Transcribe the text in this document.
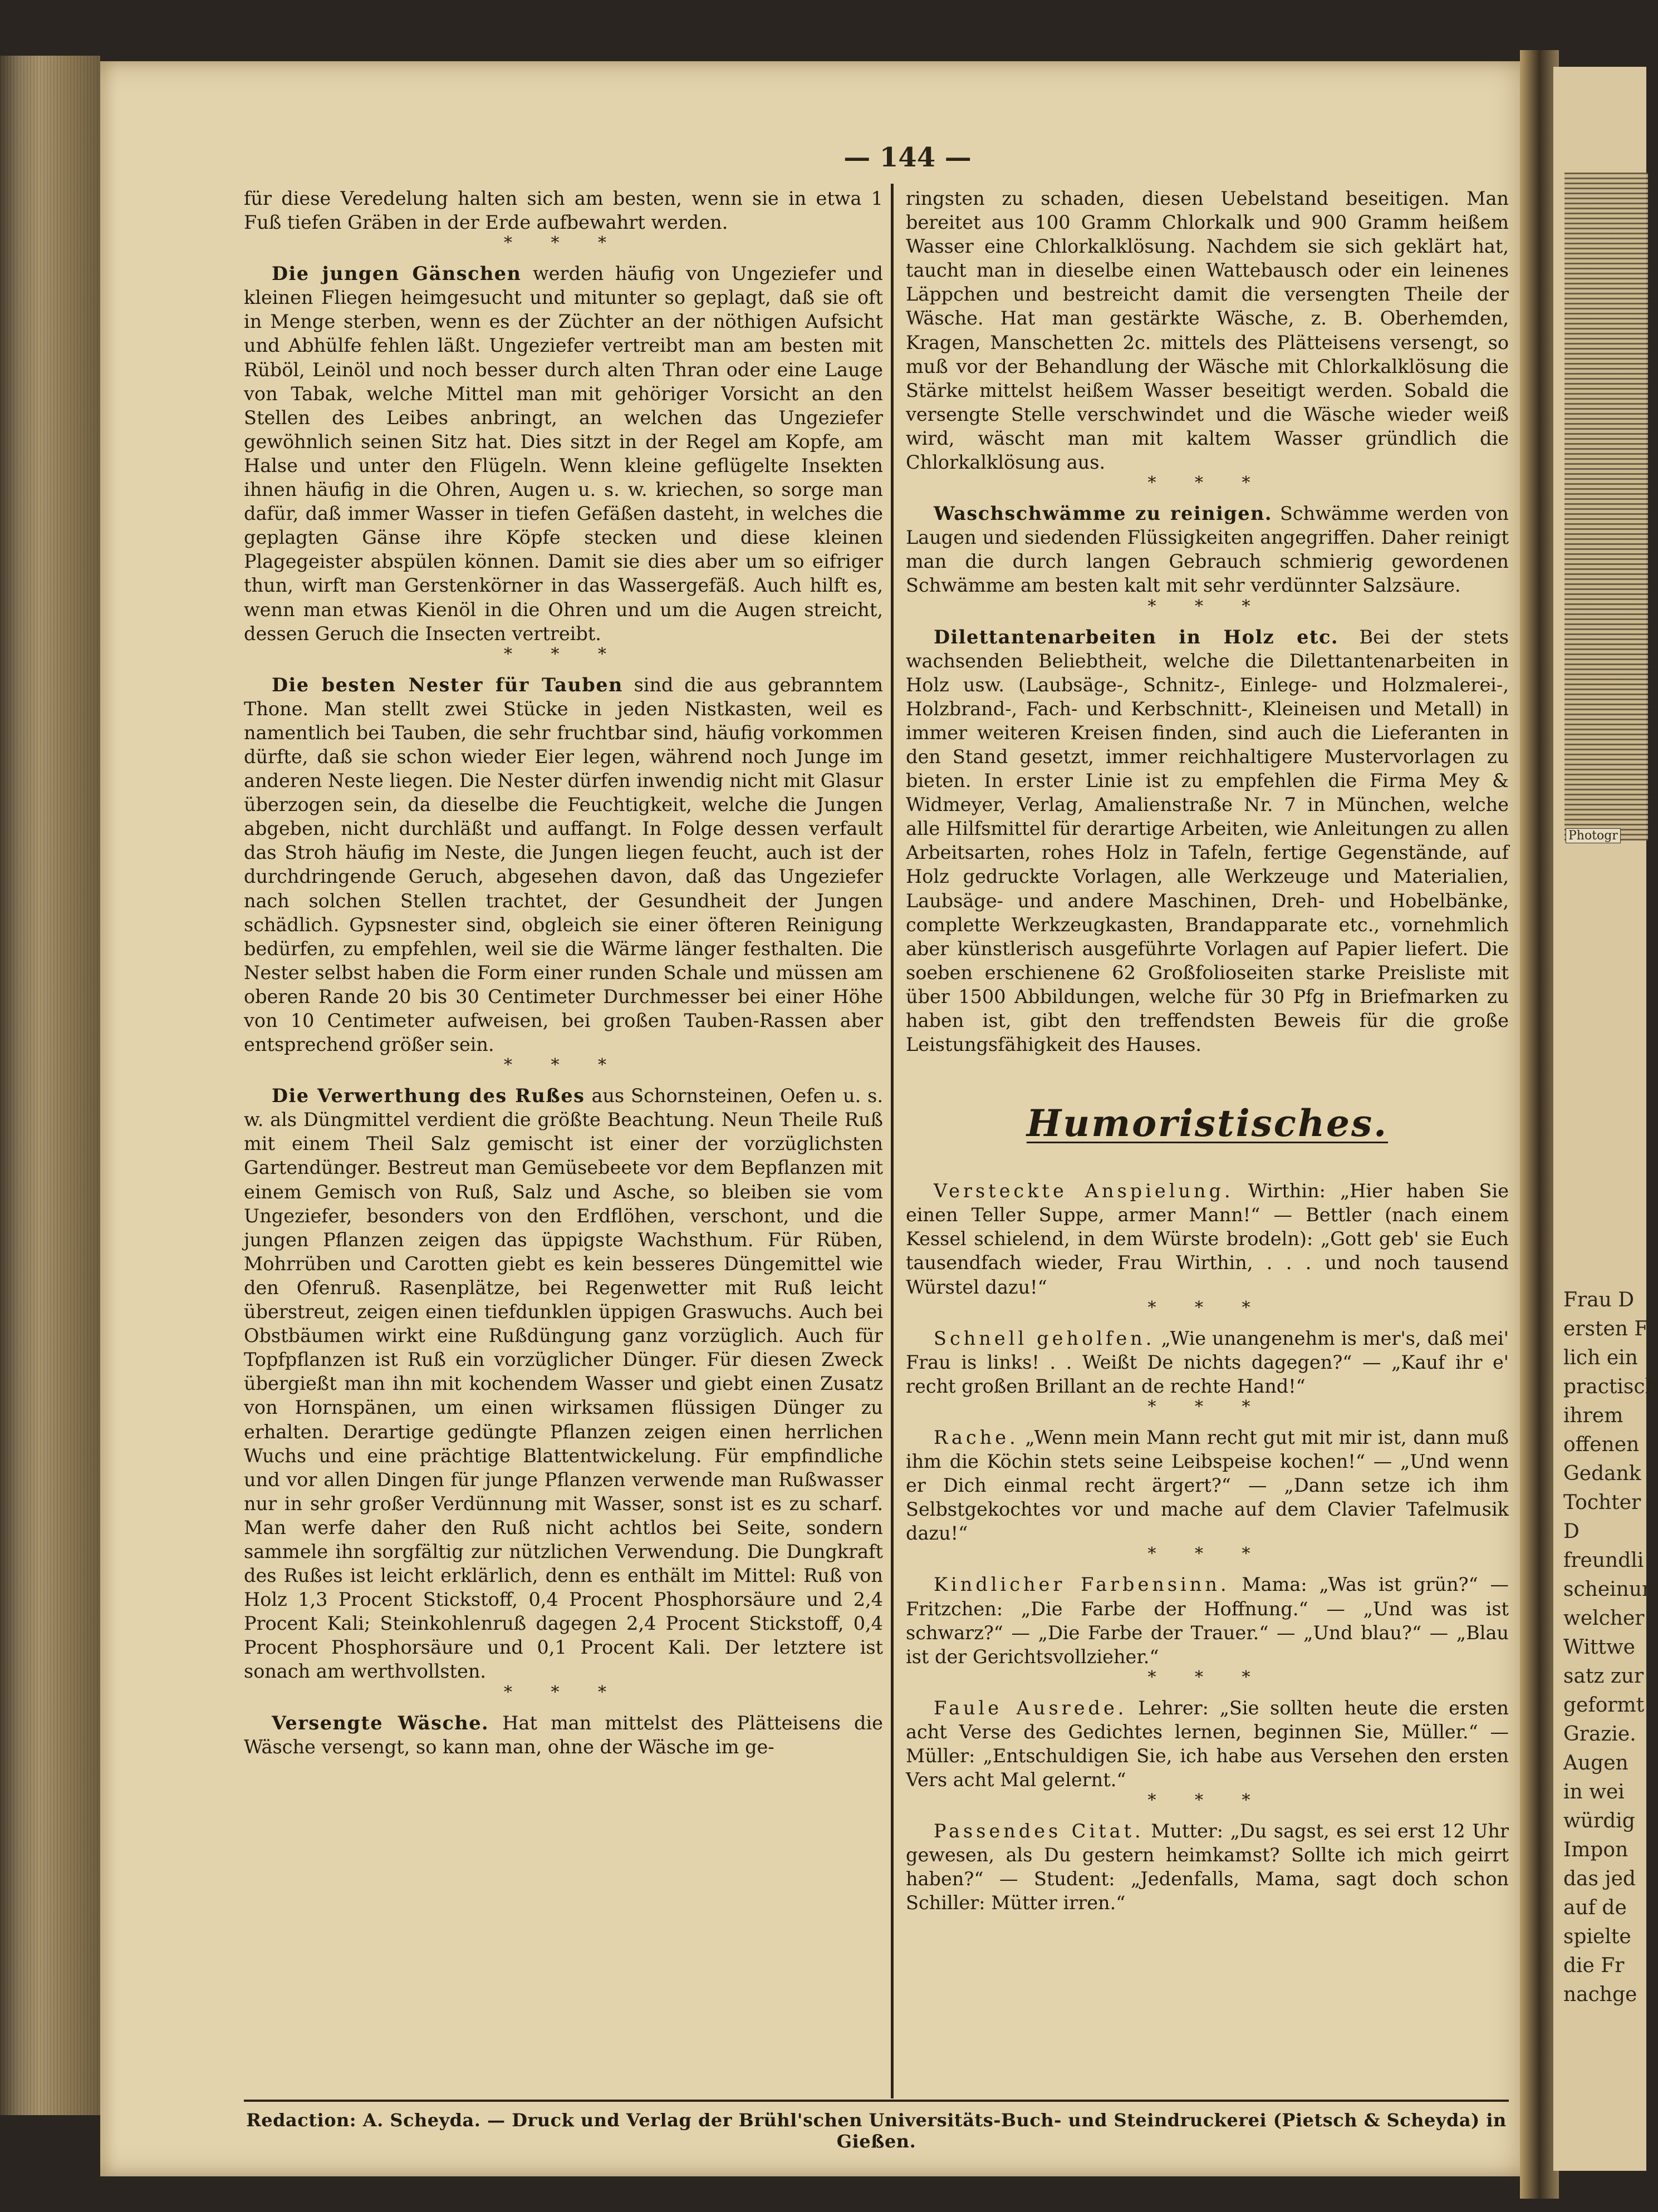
Photogr
Frau D
ersten F
lich ein
practisch
ihrem
offenen
Gedank
Tochter
D
freundli
scheinun
welcher
Wittwe
satz zur
geformt
Grazie.
Augen
in wei
würdig
Impon
das jed
auf de
spielte
die Fr
nachge
— 144 —

für diese Veredelung halten sich am besten, wenn sie in etwa 1 Fuß tiefen Gräben in der Erde aufbewahrt werden.

* * *

Die jungen Gänschen werden häufig von Ungeziefer und kleinen Fliegen heimgesucht und mitunter so geplagt, daß sie oft in Menge sterben, wenn es der Züchter an der nöthigen Aufsicht und Abhülfe fehlen läßt. Ungeziefer vertreibt man am besten mit Rüböl, Leinöl und noch besser durch alten Thran oder eine Lauge von Tabak, welche Mittel man mit gehöriger Vorsicht an den Stellen des Leibes anbringt, an welchen das Ungeziefer gewöhnlich seinen Sitz hat. Dies sitzt in der Regel am Kopfe, am Halse und unter den Flügeln. Wenn kleine geflügelte Insekten ihnen häufig in die Ohren, Augen u. s. w. kriechen, so sorge man dafür, daß immer Wasser in tiefen Gefäßen dasteht, in welches die geplagten Gänse ihre Köpfe stecken und diese kleinen Plagegeister abspülen können. Damit sie dies aber um so eifriger thun, wirft man Gerstenkörner in das Wassergefäß. Auch hilft es, wenn man etwas Kienöl in die Ohren und um die Augen streicht, dessen Geruch die Insecten vertreibt.

* * *

Die besten Nester für Tauben sind die aus gebranntem Thone. Man stellt zwei Stücke in jeden Nistkasten, weil es namentlich bei Tauben, die sehr fruchtbar sind, häufig vorkommen dürfte, daß sie schon wieder Eier legen, während noch Junge im anderen Neste liegen. Die Nester dürfen inwendig nicht mit Glasur überzogen sein, da dieselbe die Feuchtigkeit, welche die Jungen abgeben, nicht durchläßt und auffangt. In Folge dessen verfault das Stroh häufig im Neste, die Jungen liegen feucht, auch ist der durchdringende Geruch, abgesehen davon, daß das Ungeziefer nach solchen Stellen trachtet, der Gesundheit der Jungen schädlich. Gypsnester sind, obgleich sie einer öfteren Reinigung bedürfen, zu empfehlen, weil sie die Wärme länger festhalten. Die Nester selbst haben die Form einer runden Schale und müssen am oberen Rande 20 bis 30 Centimeter Durchmesser bei einer Höhe von 10 Centimeter aufweisen, bei großen Tauben-Rassen aber entsprechend größer sein.

* * *

Die Verwerthung des Rußes aus Schornsteinen, Oefen u. s. w. als Düngmittel verdient die größte Beachtung. Neun Theile Ruß mit einem Theil Salz gemischt ist einer der vorzüglichsten Gartendünger. Bestreut man Gemüsebeete vor dem Bepflanzen mit einem Gemisch von Ruß, Salz und Asche, so bleiben sie vom Ungeziefer, besonders von den Erdflöhen, verschont, und die jungen Pflanzen zeigen das üppigste Wachsthum. Für Rüben, Mohrrüben und Carotten giebt es kein besseres Düngemittel wie den Ofenruß. Rasenplätze, bei Regenwetter mit Ruß leicht überstreut, zeigen einen tiefdunklen üppigen Graswuchs. Auch bei Obstbäumen wirkt eine Rußdüngung ganz vorzüglich. Auch für Topfpflanzen ist Ruß ein vorzüglicher Dünger. Für diesen Zweck übergießt man ihn mit kochendem Wasser und giebt einen Zusatz von Hornspänen, um einen wirksamen flüssigen Dünger zu erhalten. Derartige gedüngte Pflanzen zeigen einen herrlichen Wuchs und eine prächtige Blattentwickelung. Für empfindliche und vor allen Dingen für junge Pflanzen verwende man Rußwasser nur in sehr großer Verdünnung mit Wasser, sonst ist es zu scharf. Man werfe daher den Ruß nicht achtlos bei Seite, sondern sammele ihn sorgfältig zur nützlichen Verwendung. Die Dungkraft des Rußes ist leicht erklärlich, denn es enthält im Mittel: Ruß von Holz 1,3 Procent Stickstoff, 0,4 Procent Phosphorsäure und 2,4 Procent Kali; Steinkohlenruß dagegen 2,4 Procent Stickstoff, 0,4 Procent Phosphorsäure und 0,1 Procent Kali. Der letztere ist sonach am werthvollsten.

* * *

Versengte Wäsche. Hat man mittelst des Plätteisens die Wäsche versengt, so kann man, ohne der Wäsche im ge-

ringsten zu schaden, diesen Uebelstand beseitigen. Man bereitet aus 100 Gramm Chlorkalk und 900 Gramm heißem Wasser eine Chlorkalklösung. Nachdem sie sich geklärt hat, taucht man in dieselbe einen Wattebausch oder ein leinenes Läppchen und bestreicht damit die versengten Theile der Wäsche. Hat man gestärkte Wäsche, z. B. Oberhemden, Kragen, Manschetten 2c. mittels des Plätteisens versengt, so muß vor der Behandlung der Wäsche mit Chlorkalklösung die Stärke mittelst heißem Wasser beseitigt werden. Sobald die versengte Stelle verschwindet und die Wäsche wieder weiß wird, wäscht man mit kaltem Wasser gründlich die Chlorkalklösung aus.

* * *

Waschschwämme zu reinigen. Schwämme werden von Laugen und siedenden Flüssigkeiten angegriffen. Daher reinigt man die durch langen Gebrauch schmierig gewordenen Schwämme am besten kalt mit sehr verdünnter Salzsäure.

* * *

Dilettantenarbeiten in Holz etc. Bei der stets wachsenden Beliebtheit, welche die Dilettantenarbeiten in Holz usw. (Laubsäge-, Schnitz-, Einlege- und Holzmalerei-, Holzbrand-, Fach- und Kerbschnitt-, Kleineisen und Metall) in immer weiteren Kreisen finden, sind auch die Lieferanten in den Stand gesetzt, immer reichhaltigere Mustervorlagen zu bieten. In erster Linie ist zu empfehlen die Firma Mey & Widmeyer, Verlag, Amalienstraße Nr. 7 in München, welche alle Hilfsmittel für derartige Arbeiten, wie Anleitungen zu allen Arbeitsarten, rohes Holz in Tafeln, fertige Gegenstände, auf Holz gedruckte Vorlagen, alle Werkzeuge und Materialien, Laubsäge- und andere Maschinen, Dreh- und Hobelbänke, complette Werkzeugkasten, Brandapparate etc., vornehmlich aber künstlerisch ausgeführte Vorlagen auf Papier liefert. Die soeben erschienene 62 Großfolioseiten starke Preisliste mit über 1500 Abbildungen, welche für 30 Pfg in Briefmarken zu haben ist, gibt den treffendsten Beweis für die große Leistungsfähigkeit des Hauses.

Humoristisches.

Versteckte Anspielung. Wirthin: „Hier haben Sie einen Teller Suppe, armer Mann!“ — Bettler (nach einem Kessel schielend, in dem Würste brodeln): „Gott geb' sie Euch tausendfach wieder, Frau Wirthin, . . . und noch tausend Würstel dazu!“

* * *

Schnell geholfen. „Wie unangenehm is mer's, daß mei' Frau is links! . . Weißt De nichts dagegen?“ — „Kauf ihr e' recht großen Brillant an de rechte Hand!“

* * *

Rache. „Wenn mein Mann recht gut mit mir ist, dann muß ihm die Köchin stets seine Leibspeise kochen!“ — „Und wenn er Dich einmal recht ärgert?“ — „Dann setze ich ihm Selbstgekochtes vor und mache auf dem Clavier Tafelmusik dazu!“

* * *

Kindlicher Farbensinn. Mama: „Was ist grün?“ — Fritzchen: „Die Farbe der Hoffnung.“ — „Und was ist schwarz?“ — „Die Farbe der Trauer.“ — „Und blau?“ — „Blau ist der Gerichtsvollzieher.“

* * *

Faule Ausrede. Lehrer: „Sie sollten heute die ersten acht Verse des Gedichtes lernen, beginnen Sie, Müller.“ — Müller: „Entschuldigen Sie, ich habe aus Versehen den ersten Vers acht Mal gelernt.“

* * *

Passendes Citat. Mutter: „Du sagst, es sei erst 12 Uhr gewesen, als Du gestern heimkamst? Sollte ich mich geirrt haben?“ — Student: „Jedenfalls, Mama, sagt doch schon Schiller: Mütter irren.“

Redaction: A. Scheyda. — Druck und Verlag der Brühl'schen Universitäts-Buch- und Steindruckerei (Pietsch & Scheyda) in Gießen.
